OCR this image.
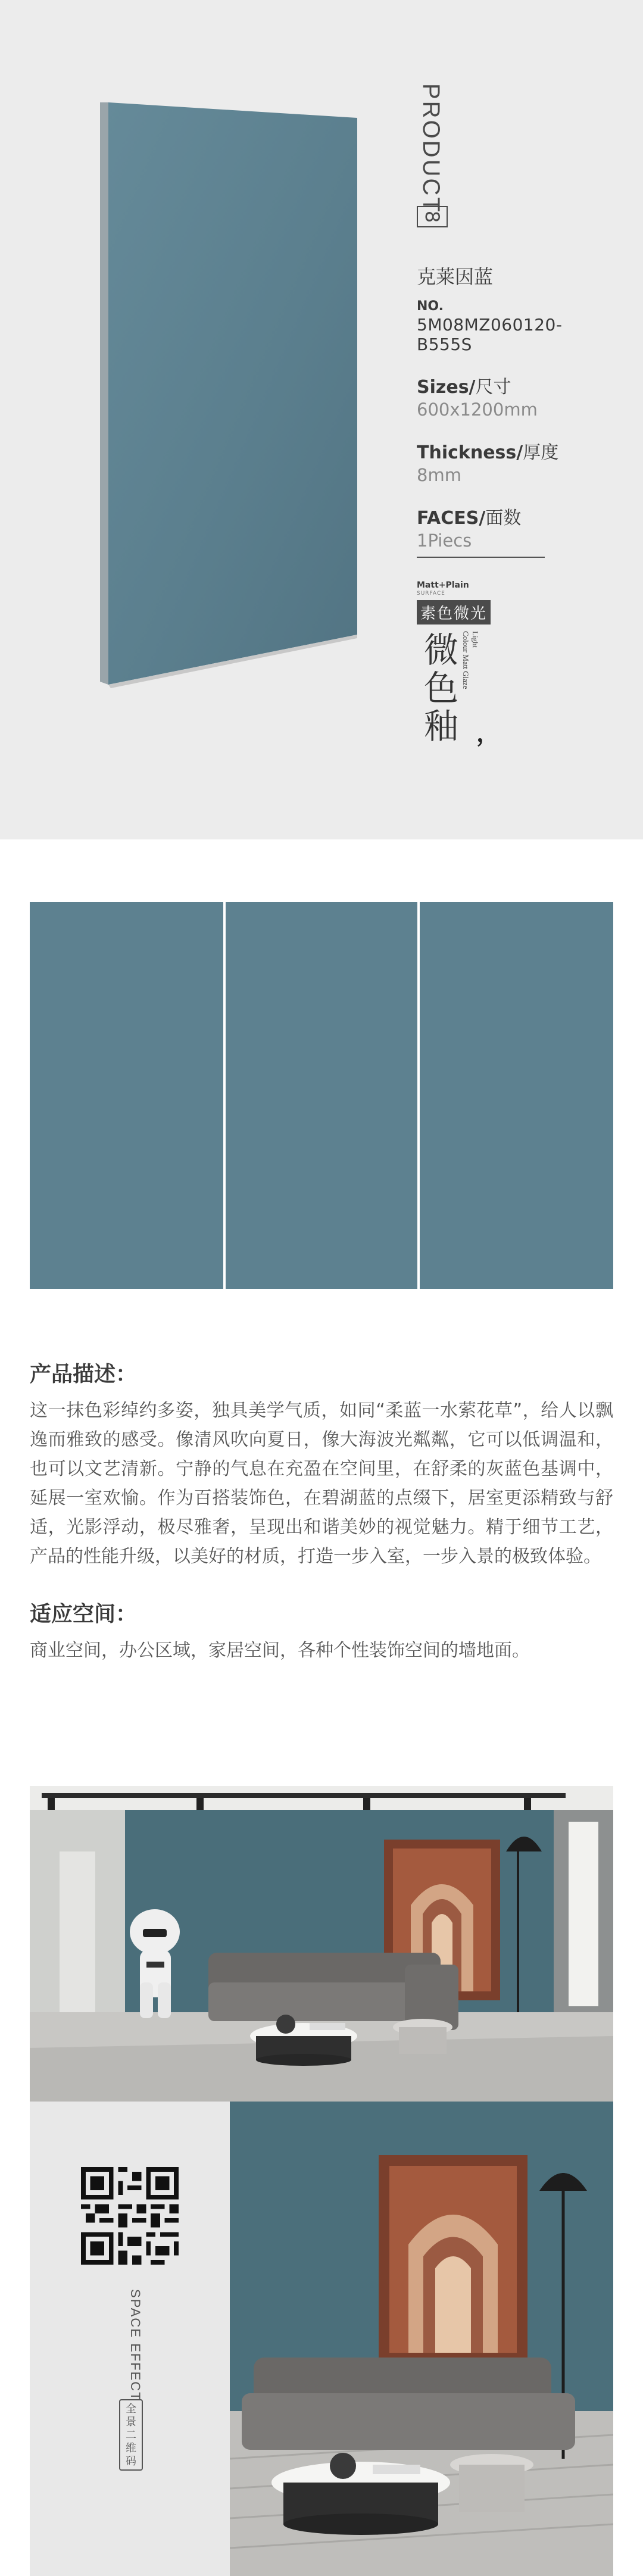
PRODUCT
8
克莱因蓝
NO.
5M08MZ060120-B555S
Sizes/尺寸
600x1200mm
Thickness/厚度
8mm
FACES/面数
1Piecs
Matt+Plain
SURFACE
素色微光
微色釉
Light
Colour Matt Glaze
，
产品描述：
这一抹色彩绰约多姿，独具美学气质，如同“柔蓝一水萦花草”，给人以飘逸而雅致的感受。像清风吹向夏日，像大海波光粼粼，它可以低调温和，也可以文艺清新。宁静的气息在充盈在空间里，在舒柔的灰蓝色基调中，延展一室欢愉。作为百搭装饰色，在碧湖蓝的点缀下，居室更添精致与舒适，光影浮动，极尽雅奢，呈现出和谐美妙的视觉魅力。精于细节工艺，产品的性能升级，以美好的材质，打造一步入室，一步入景的极致体验。
适应空间：
商业空间，办公区域，家居空间，各种个性装饰空间的墙地面。
SPACE EFFECT
全景二维码
